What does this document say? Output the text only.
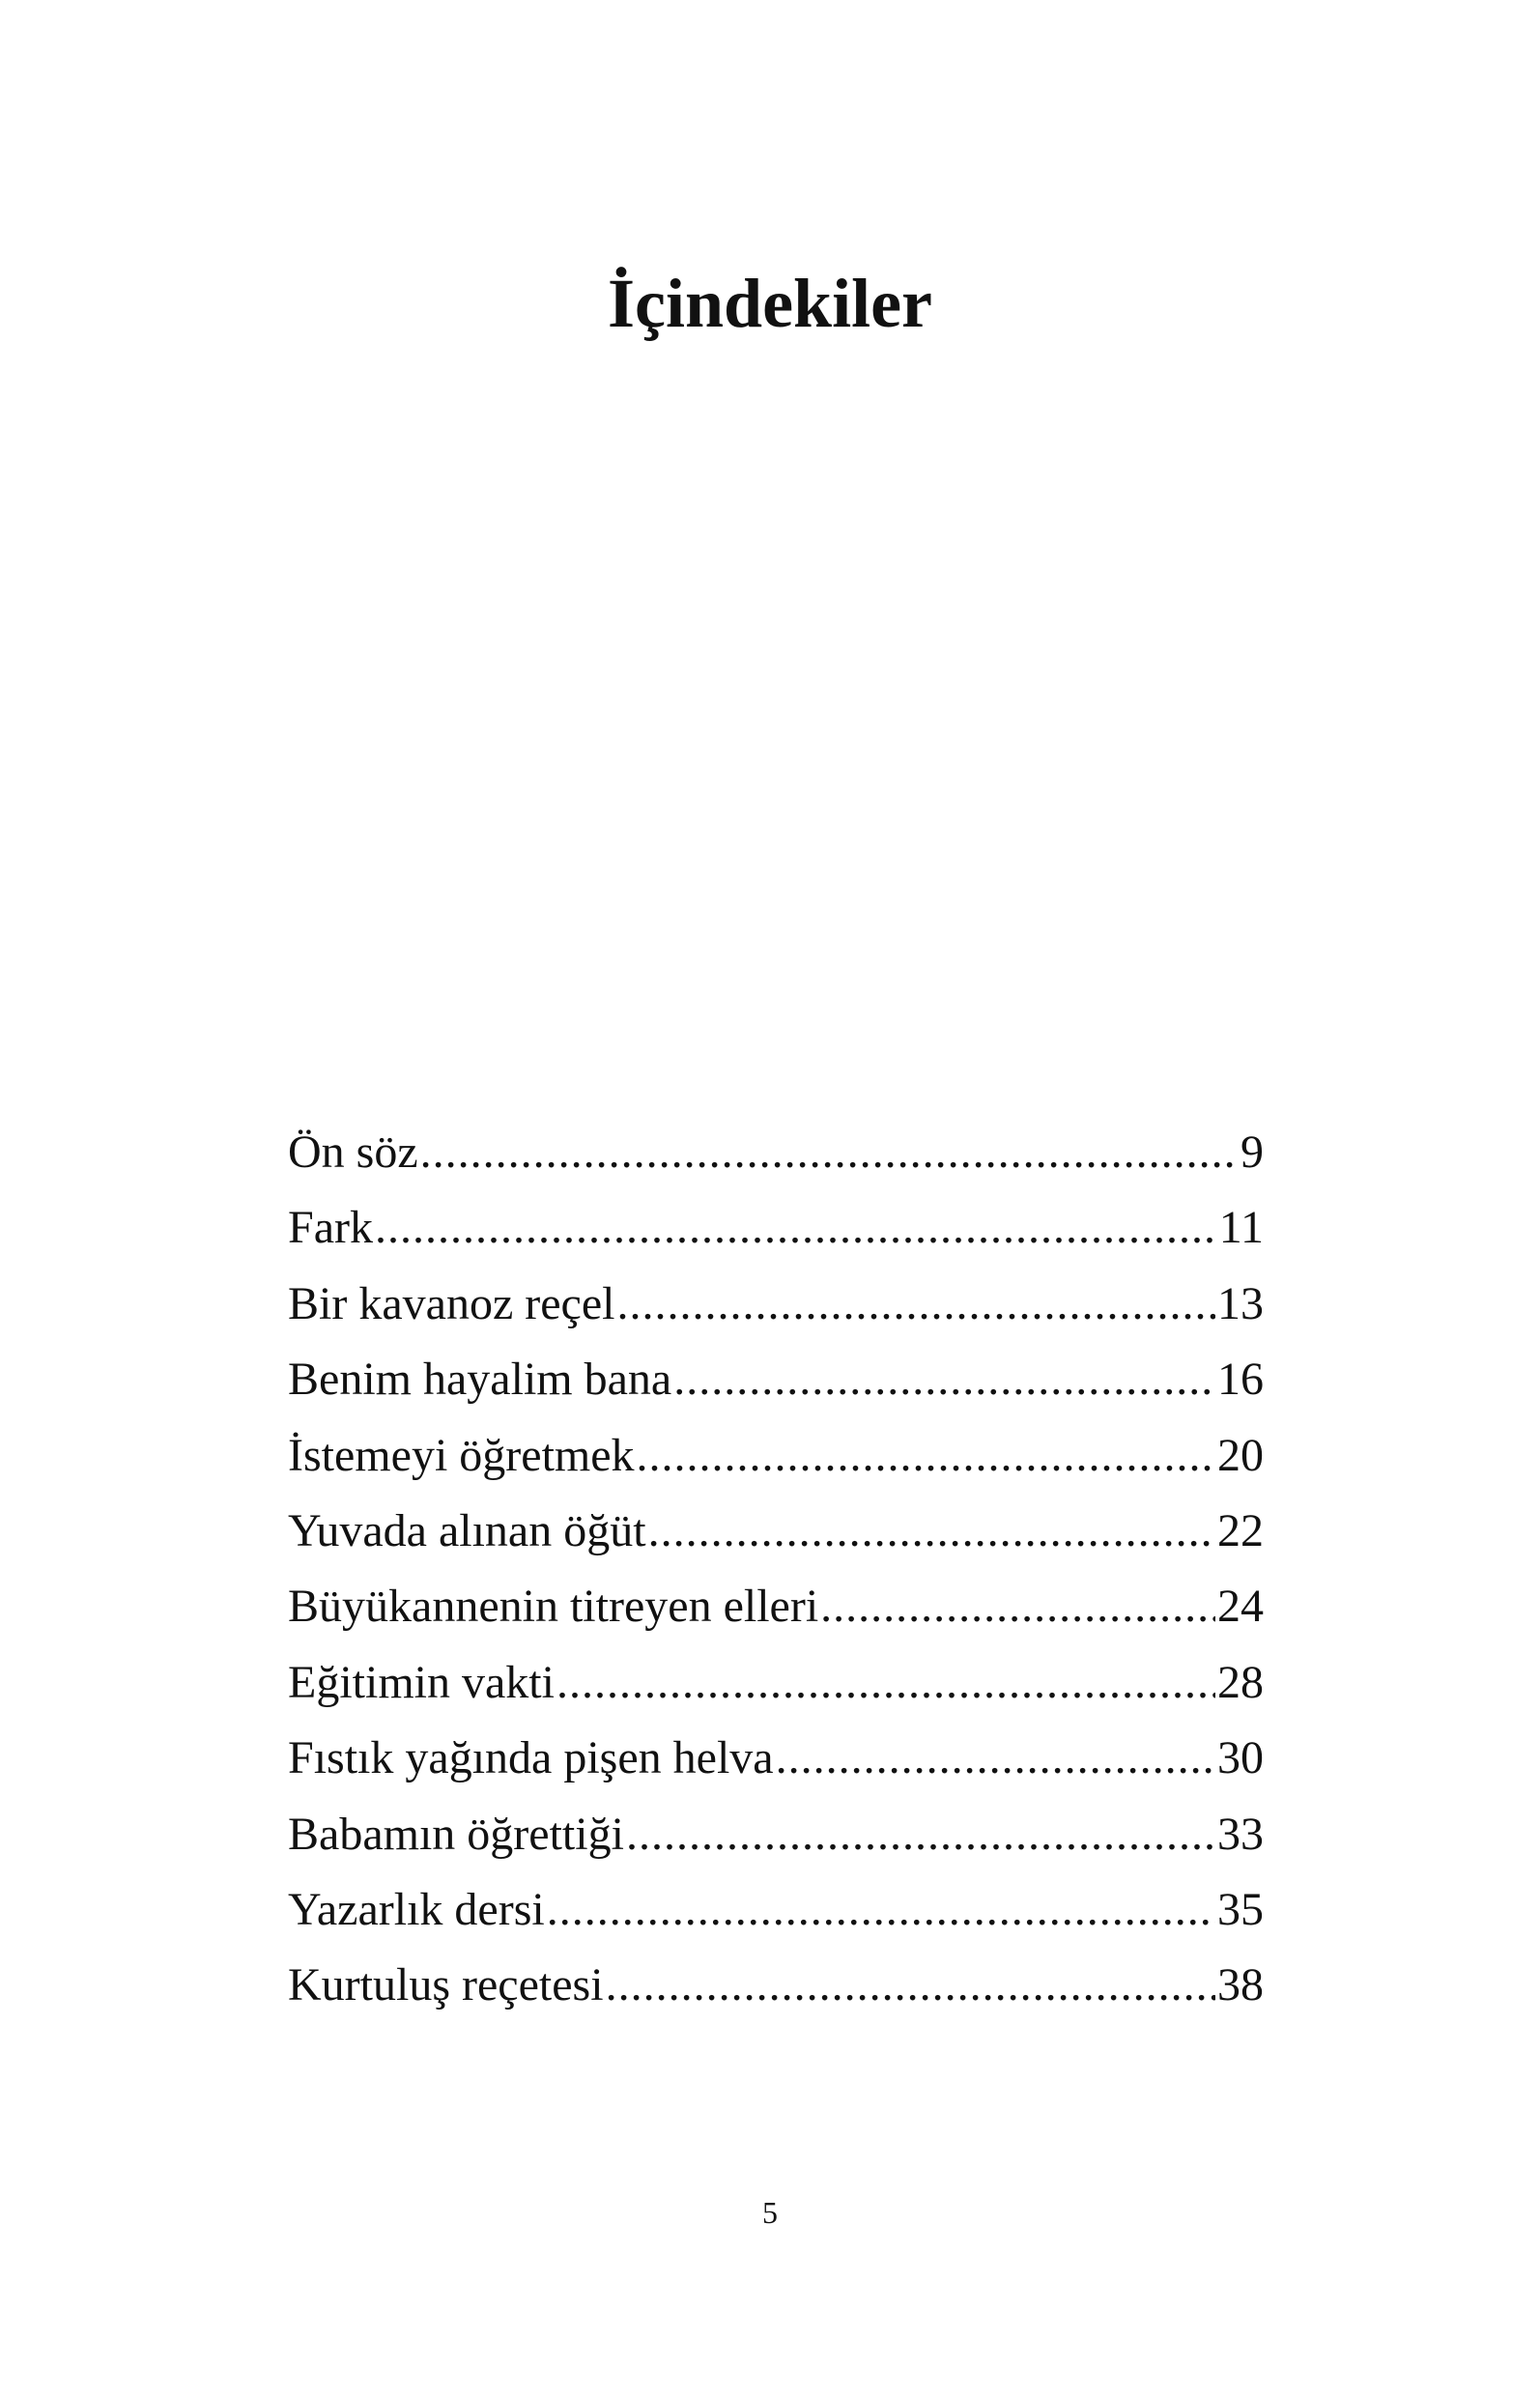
İçindekiler
Ön söz .....	9
Fark .....	11
Bir kavanoz reçel .....	13
Benim hayalim bana .....	16
İstemeyi öğretmek .....	20
Yuvada alınan öğüt .....	22
Büyükannenin titreyen elleri .....	24
Eğitimin vakti .....	28
Fıstık yağında pişen helva .....	30
Babamın öğrettiği .....	33
Yazarlık dersi .....	35
Kurtuluş reçetesi .....	38
5
